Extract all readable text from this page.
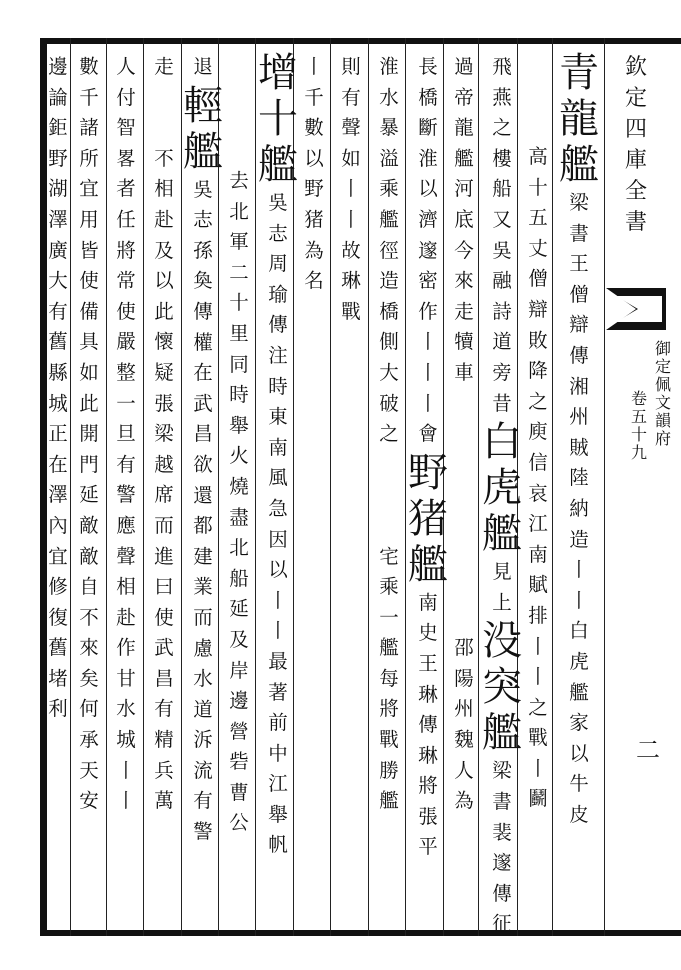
欽
定
四
庫
全
書
御
定
佩
文
韻
府
卷
五
十
九
二
青
龍
艦
梁
書
王
僧
辯
傳
湘
州
賊
陸
納
造
丨
丨
白
虎
艦
家
以
牛
皮
高
十
五
丈
僧
辯
敗
降
之
庾
信
哀
江
南
賦
排
丨
丨
之
戰
丨
鬬
飛
燕
之
樓
船
又
吳
融
詩
道
旁
昔
白
虎
艦
見
上
没
突
艦
梁
書
裴
邃
傳
征
過
帝
龍
艦
河
底
今
來
走
犢
車

邵
陽
州
魏
人
為
長
橋
斷
淮
以
濟
邃
密
作
丨
丨
丨
會
野
猪
艦
南
史
王
琳
傳
琳
將
張
平
淮
水
暴
溢
乘
艦
徑
造
橋
側
大
破
之

宅
乘
一
艦
每
將
戰
勝
艦
則
有
聲
如
丨
丨
故
琳
戰
丨
千
數
以
野
猪
為
名
增
十
艦
吳
志
周
瑜
傳
注
時
東
南
風
急
因
以
丨
丨
最
著
前
中
江
舉
帆
去
北
軍
二
十
里
同
時
舉
火
燒
盡
北
船
延
及
岸
邊
營
砦
曹
公
退
輕
艦
吳
志
孫
奐
傳
權
在
武
昌
欲
還
都
建
業
而
慮
水
道
泝
流
有
警
走

不
相
赴
及
以
此
懷
疑
張
梁
越
席
而
進
曰
使
武
昌
有
精
兵
萬
人
付
智
畧
者
任
將
常
使
嚴
整
一
旦
有
警
應
聲
相
赴
作
甘
水
城
丨
丨
數
千
諸
所
宜
用
皆
使
備
具
如
此
開
門
延
敵
敵
自
不
來
矣
何
承
天
安
邊
論
鉅
野
湖
澤
廣
大
有
舊
縣
城
正
在
澤
內
宜
修
復
舊
堵
利
